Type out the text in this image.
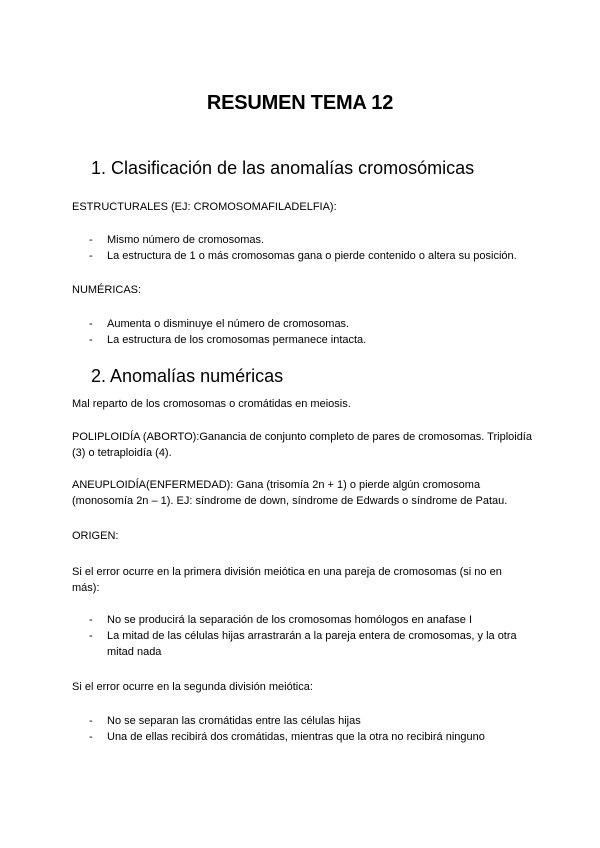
RESUMEN TEMA 12
1. Clasificación de las anomalías cromosómicas
ESTRUCTURALES (EJ: CROMOSOMAFILADELFIA):
- Mismo número de cromosomas.
- La estructura de 1 o más cromosomas gana o pierde contenido o altera su posición.
NUMÉRICAS:
- Aumenta o disminuye el número de cromosomas.
- La estructura de los cromosomas permanece intacta.
2. Anomalías numéricas
Mal reparto de los cromosomas o cromátidas en meiosis.
POLIPLOIDÍA (ABORTO):Ganancia de conjunto completo de pares de cromosomas. Triploidía (3) o tetraploidía (4).
ANEUPLOIDÍA(ENFERMEDAD): Gana (trisomía 2n + 1) o pierde algún cromosoma (monosomía 2n – 1). EJ: síndrome de down, síndrome de Edwards o síndrome de Patau.
ORIGEN:
Si el error ocurre en la primera división meiótica en una pareja de cromosomas (si no en más):
- No se producirá la separación de los cromosomas homólogos en anafase I
- La mitad de las células hijas arrastrarán a la pareja entera de cromosomas, y la otra mitad nada
Si el error ocurre en la segunda división meiótica:
- No se separan las cromátidas entre las células hijas
- Una de ellas recibirá dos cromátidas, mientras que la otra no recibirá ninguno
